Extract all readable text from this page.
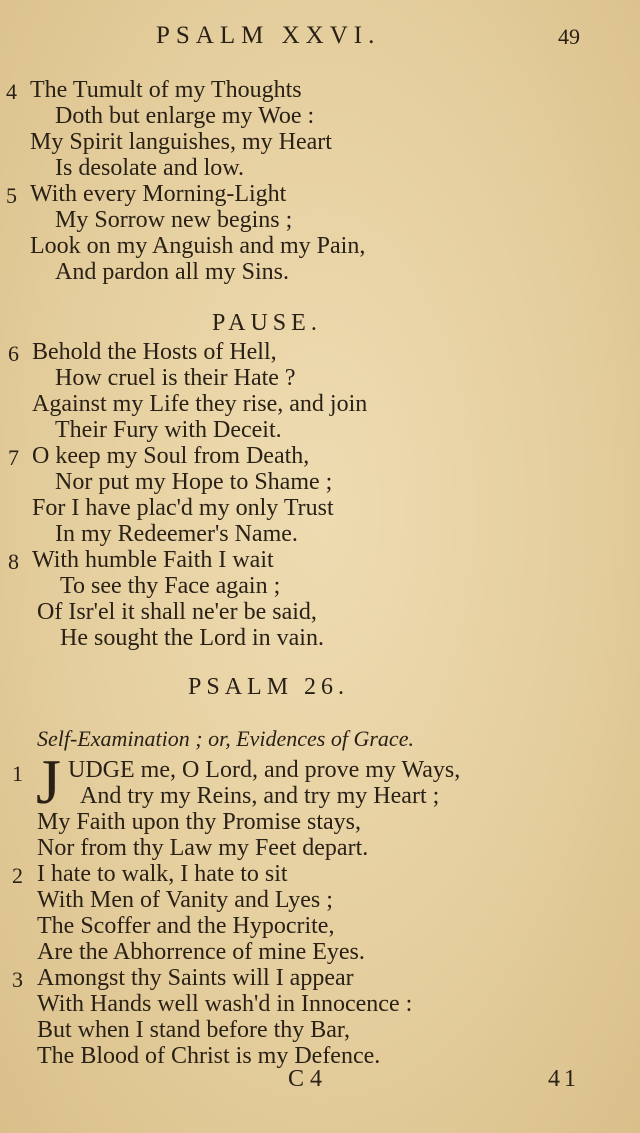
PSALM XXVI.	49
4 The Tumult of my Thoughts
Doth but enlarge my Woe :
My Spirit languishes, my Heart
Is desolate and low.
5 With every Morning-Light
My Sorrow new begins ;
Look on my Anguish and my Pain,
And pardon all my Sins.
PAUSE.
6 Behold the Hosts of Hell,
How cruel is their Hate ?
Against my Life they rise, and join
Their Fury with Deceit.
7 O keep my Soul from Death,
Nor put my Hope to Shame ;
For I have plac'd my only Trust
In my Redeemer's Name.
8 With humble Faith I wait
To see thy Face again ;
Of Isr'el it shall ne'er be said,
He sought the Lord in vain.
PSALM 26.
Self-Examination ; or, Evidences of Grace.
1 J UDGE me, O Lord, and prove my Ways,
And try my Reins, and try my Heart ;
My Faith upon thy Promise stays,
Nor from thy Law my Feet depart.
2 I hate to walk, I hate to sit
With Men of Vanity and Lyes ;
The Scoffer and the Hypocrite,
Are the Abhorrence of mine Eyes.
3 Amongst thy Saints will I appear
With Hands well wash'd in Innocence :
But when I stand before thy Bar,
The Blood of Christ is my Defence.
C 4	41
